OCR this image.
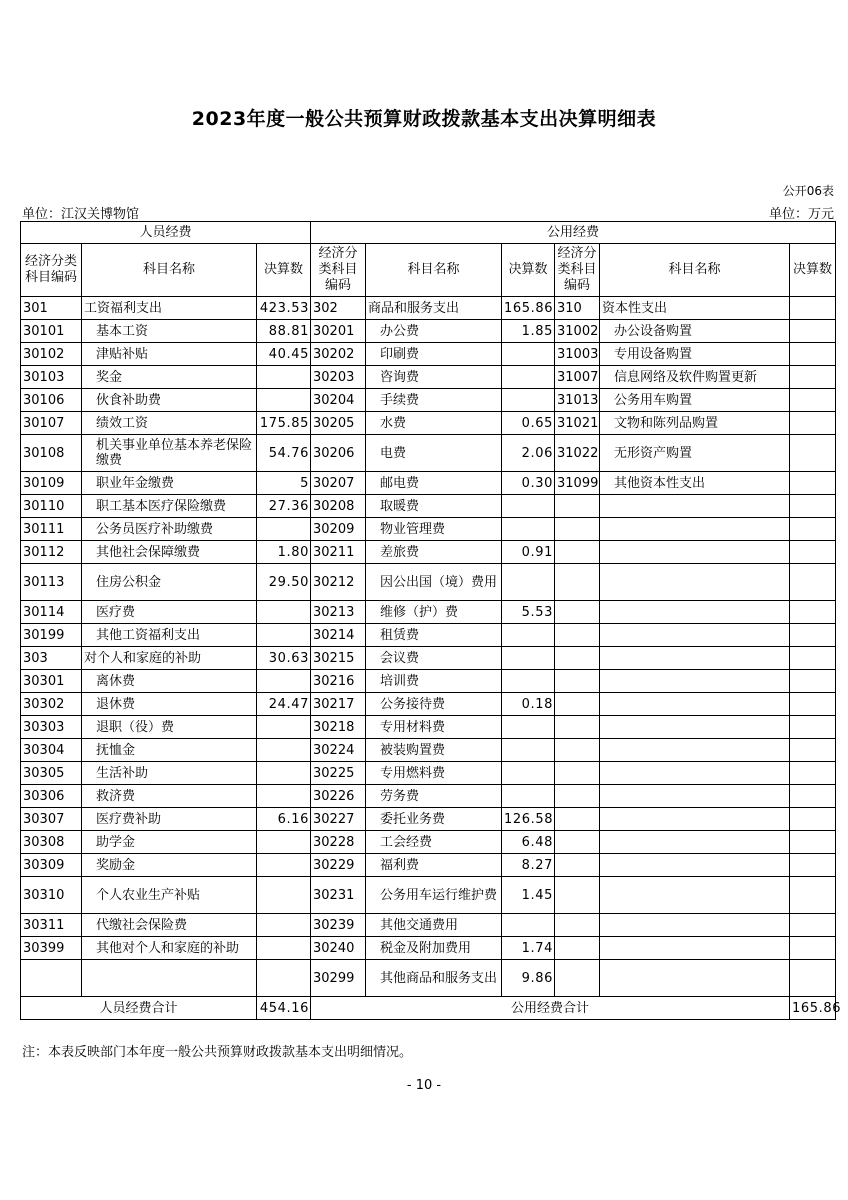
2023年度一般公共预算财政拨款基本支出决算明细表
公开06表
单位：江汉关博物馆	单位：万元
人员经费			公用经费					
经济分类科目编码	科目名称	决算数	经济分类科目编码	科目名称	决算数	经济分类科目编码	科目名称	决算数
301	工资福利支出	423.53	302	商品和服务支出	165.86	310	资本性支出	
30101	基本工资	88.81	30201	办公费	1.85	31002	办公设备购置	
30102	津贴补贴	40.45	30202	印刷费		31003	专用设备购置	
30103	奖金		30203	咨询费		31007	信息网络及软件购置更新	
30106	伙食补助费		30204	手续费		31013	公务用车购置	
30107	绩效工资	175.85	30205	水费	0.65	31021	文物和陈列品购置	
30108	机关事业单位基本养老保险缴费	54.76	30206	电费	2.06	31022	无形资产购置	
30109	职业年金缴费	5	30207	邮电费	0.30	31099	其他资本性支出	
30110	职工基本医疗保险缴费	27.36	30208	取暖费				
30111	公务员医疗补助缴费		30209	物业管理费				
30112	其他社会保障缴费	1.80	30211	差旅费	0.91			
30113	住房公积金	29.50	30212	因公出国（境）费用				
30114	医疗费		30213	维修（护）费	5.53			
30199	其他工资福利支出		30214	租赁费				
303	对个人和家庭的补助	30.63	30215	会议费				
30301	离休费		30216	培训费				
30302	退休费	24.47	30217	公务接待费	0.18			
30303	退职（役）费		30218	专用材料费				
30304	抚恤金		30224	被装购置费				
30305	生活补助		30225	专用燃料费				
30306	救济费		30226	劳务费				
30307	医疗费补助	6.16	30227	委托业务费	126.58			
30308	助学金		30228	工会经费	6.48			
30309	奖励金		30229	福利费	8.27			
30310	个人农业生产补贴		30231	公务用车运行维护费	1.45			
30311	代缴社会保险费		30239	其他交通费用				
30399	其他对个人和家庭的补助		30240	税金及附加费用	1.74			
			30299	其他商品和服务支出	9.86			
人员经费合计		454.16	公用经费合计					165.86
注：本表反映部门本年度一般公共预算财政拨款基本支出明细情况。
- 10 -
